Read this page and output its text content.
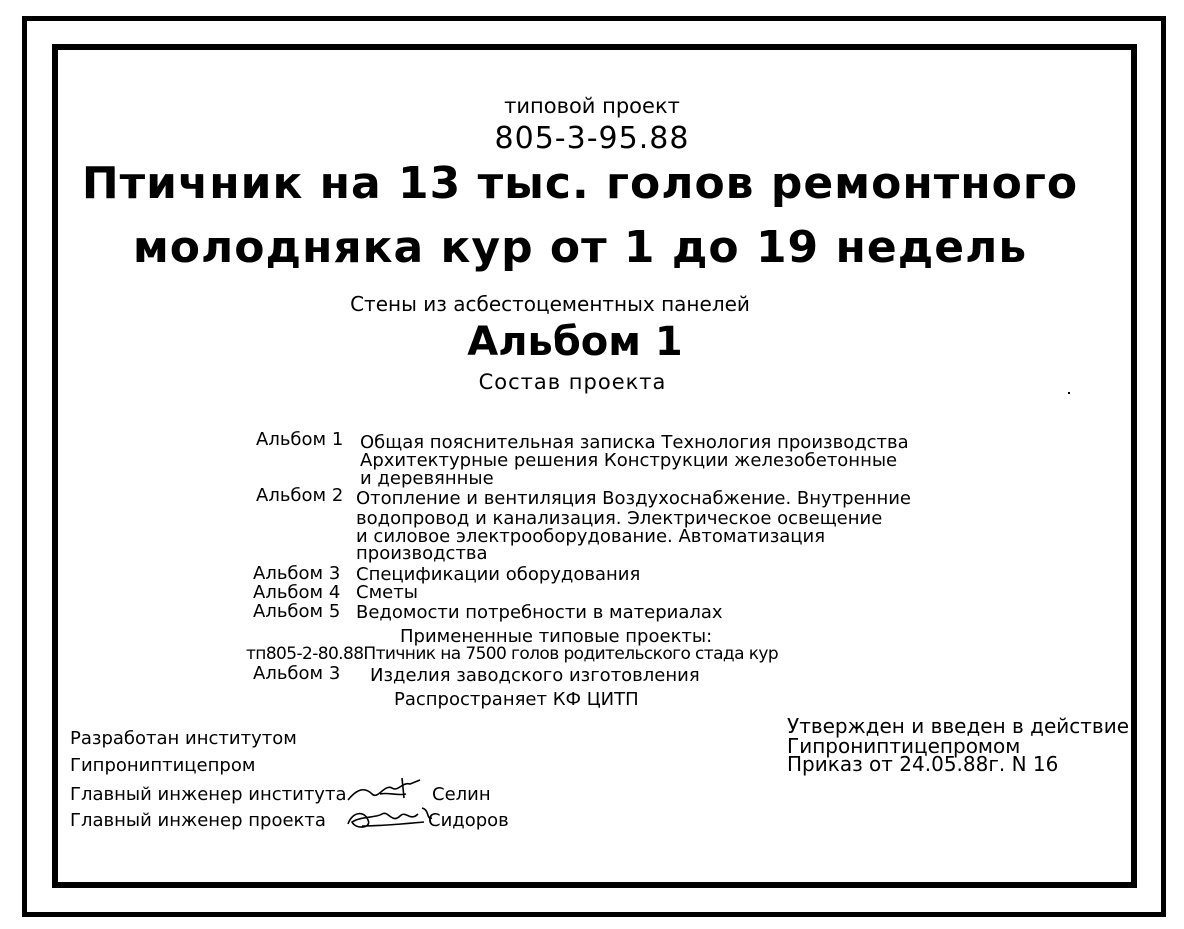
типовой проект
805-3-95.88
Птичник на 13 тыс. голов ремонтного
молодняка кур от 1 до 19 недель
Стены из асбестоцементных панелей
Альбом 1
Состав проекта
Альбом 1 Общая пояснительная записка Технология производства
Архитектурные решения Конструкции железобетонные
и деревянные
Альбом 2 Отопление и вентиляция Воздухоснабжение. Внутренние
водопровод и канализация. Электрическое освещение
и силовое электрооборудование. Автоматизация
производства
Альбом 3 Спецификации оборудования
Альбом 4 Сметы
Альбом 5 Ведомости потребности в материалах
Примененные типовые проекты:
тп805-2-80.88Птичник на 7500 голов родительского стада кур
Альбом 3 Изделия заводского изготовления
Распространяет КФ ЦИТП
Утвержден и введен в действие
Гипрониптицепромом
Приказ от 24.05.88г. N 16
Разработан институтом
Гипрониптицепром
Главный инженер института	Селин
Главный инженер проекта	Сидоров
